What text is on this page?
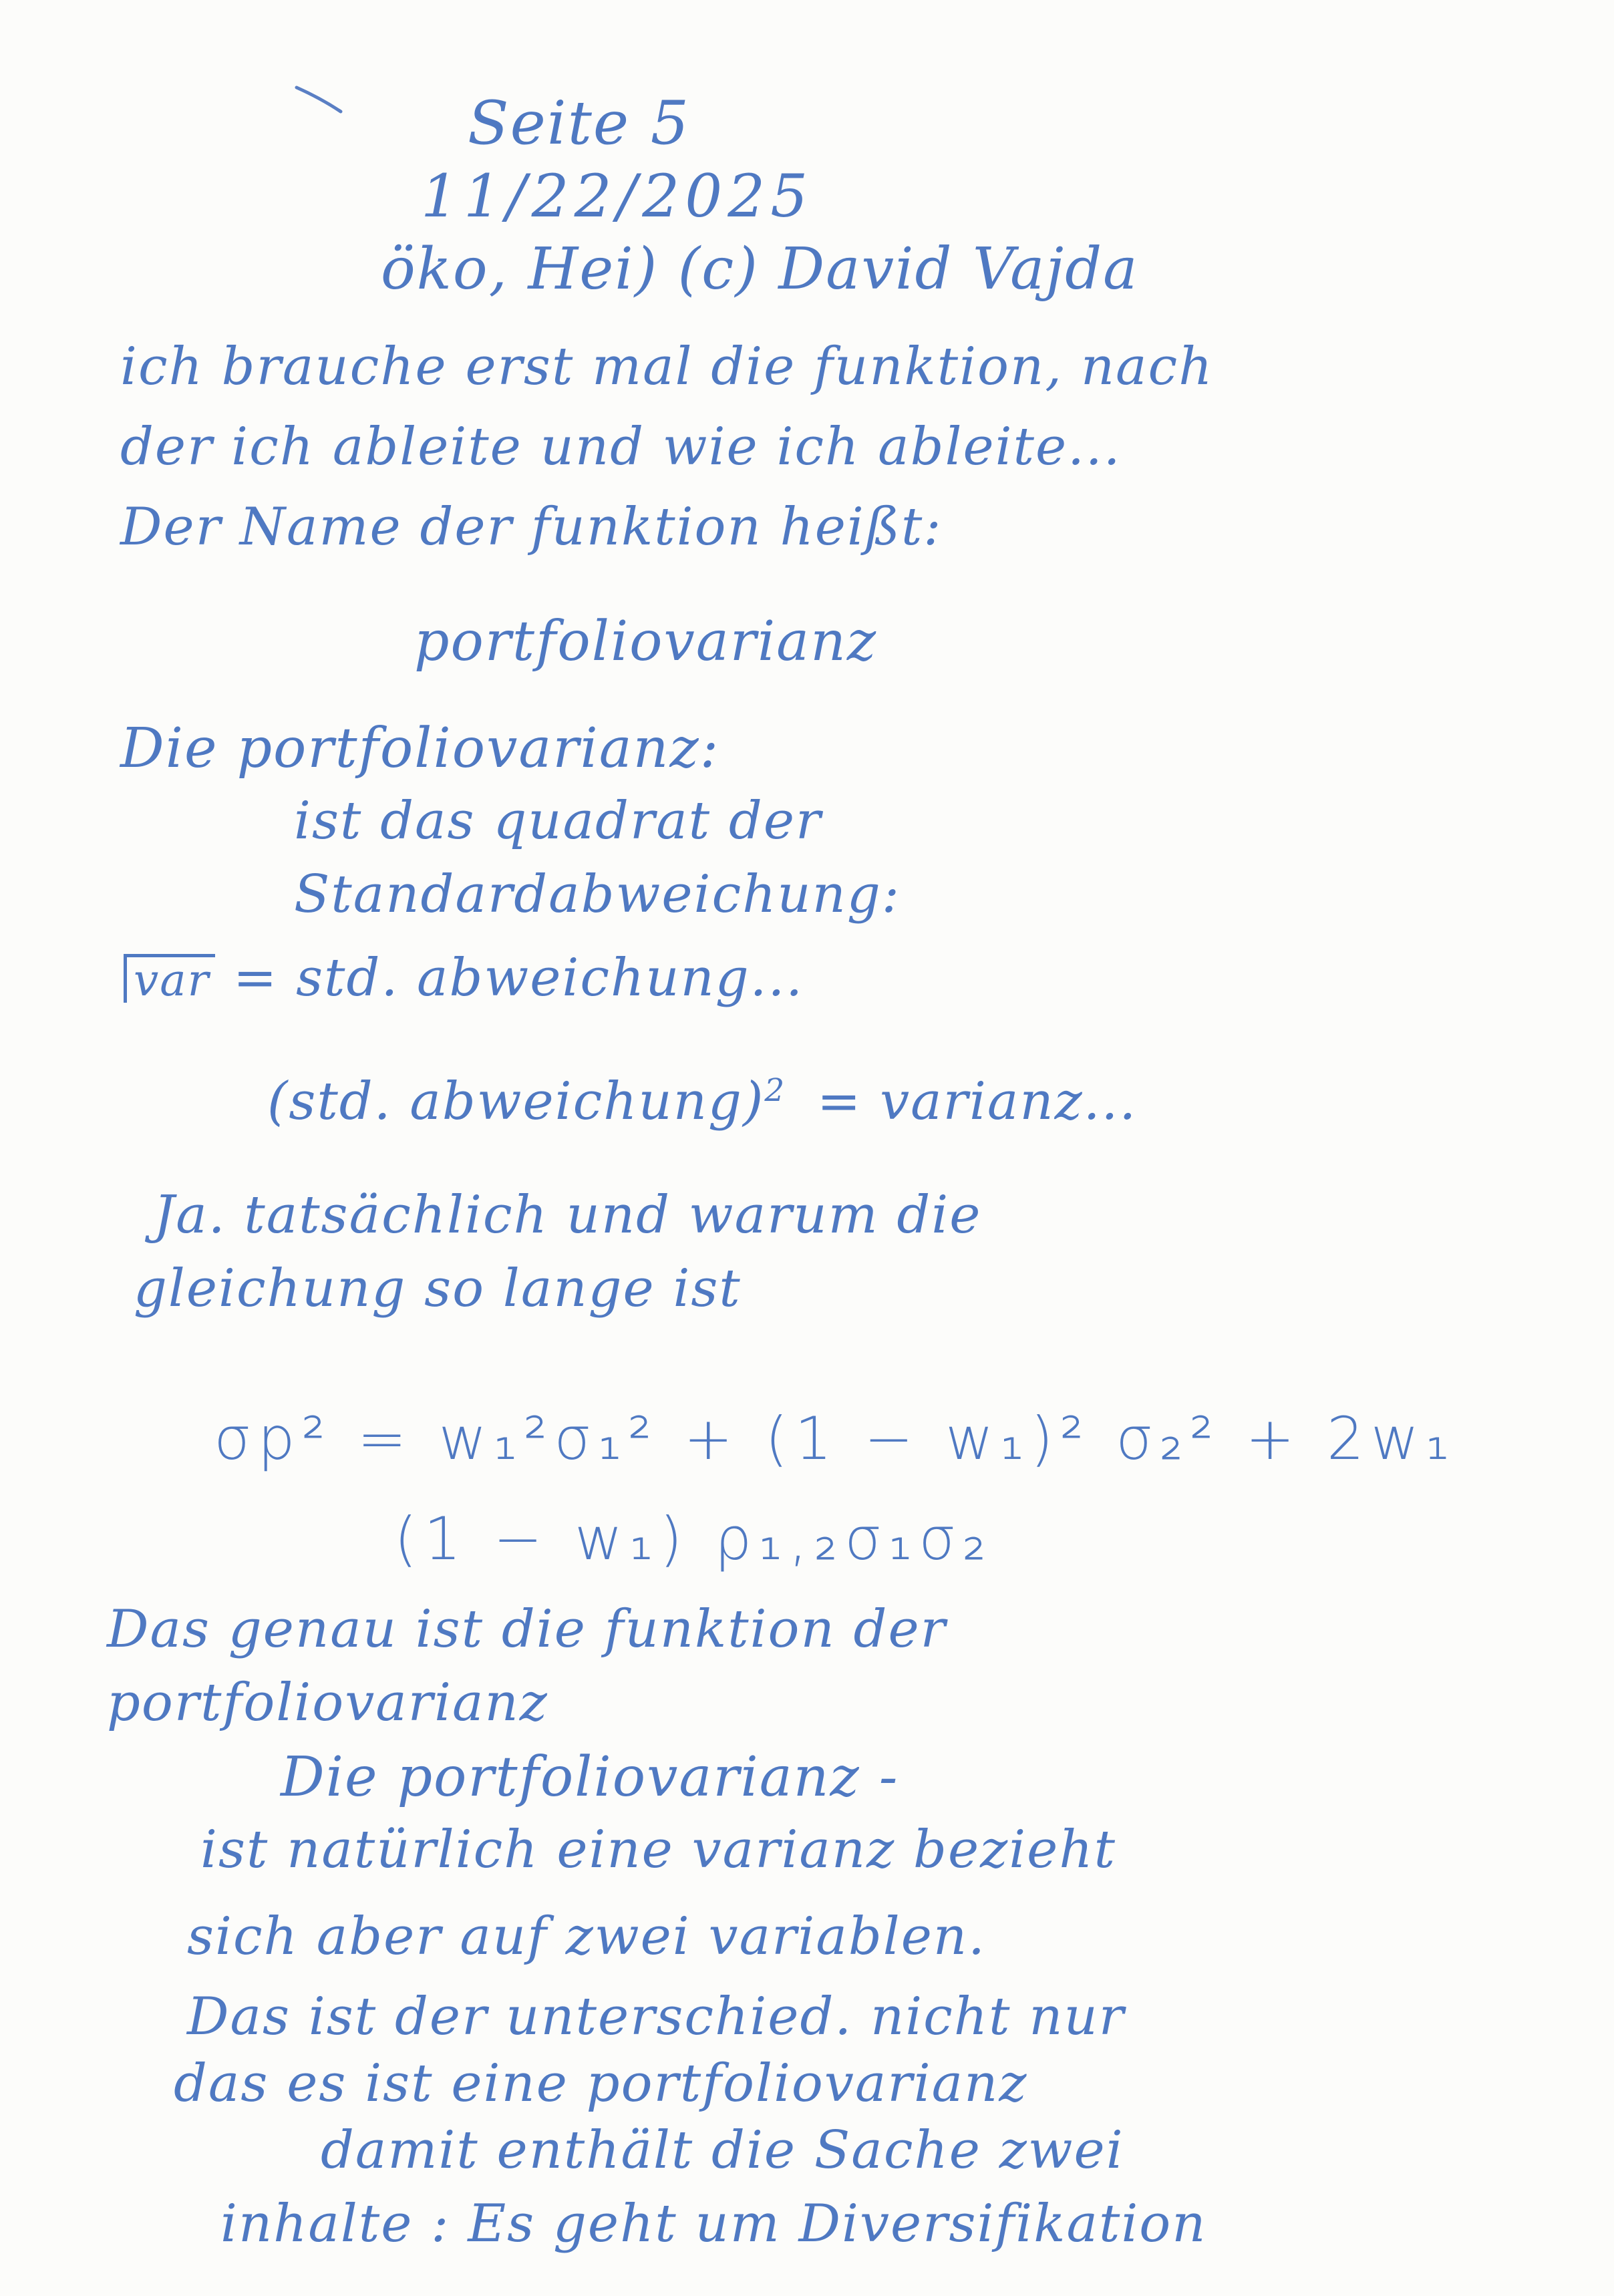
Seite 5
11/22/2025
öko, Hei) (c) David Vajda
ich brauche erst mal die funktion, nach
der ich ableite und wie ich ableite...
Der Name der funktion heißt:
portfoliovarianz
Die portfoliovarianz:
ist das quadrat der
Standardabweichung:
var = std. abweichung...
(std. abweichung)$^2$ = varianz...
Ja. tatsächlich und warum die
gleichung so lange ist
σp² = w₁²σ₁² + (1 − w₁)² σ₂² + 2w₁
(1 − w₁) ρ₁,₂σ₁σ₂
Das genau ist die funktion der
portfoliovarianz
Die portfoliovarianz -
ist natürlich eine varianz bezieht
sich aber auf zwei variablen.
Das ist der unterschied. nicht nur
das es ist eine portfoliovarianz
damit enthält die Sache zwei
inhalte : Es geht um Diversifikation
